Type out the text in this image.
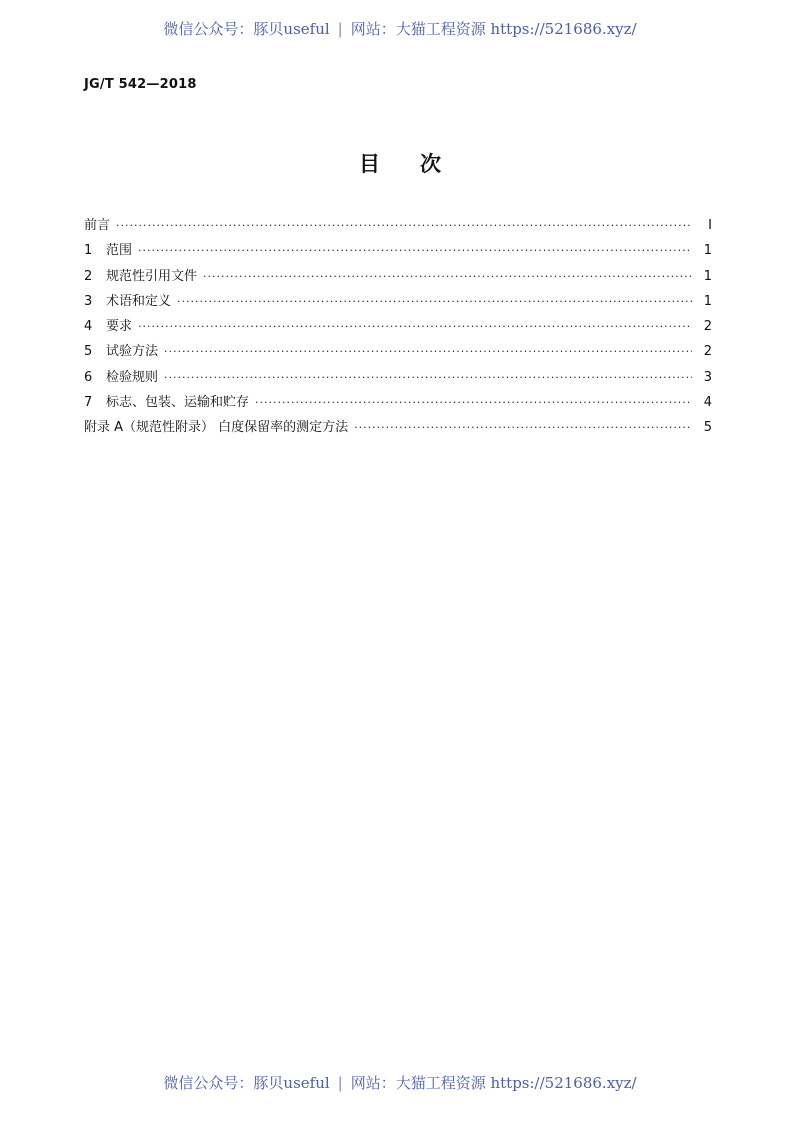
微信公众号：豚贝useful | 网站：大猫工程资源 https://521686.xyz/
JG/T 542—2018
目次
前言 ·····	Ⅰ
1	范围 ·····	1
2	规范性引用文件 ·····	1
3	术语和定义 ·····	1
4	要求 ·····	2
5	试验方法 ·····	2
6	检验规则 ·····	3
7	标志、包装、运输和贮存 ·····	4
附录 A（规范性附录） 白度保留率的测定方法 ·····	5
微信公众号：豚贝useful | 网站：大猫工程资源 https://521686.xyz/
